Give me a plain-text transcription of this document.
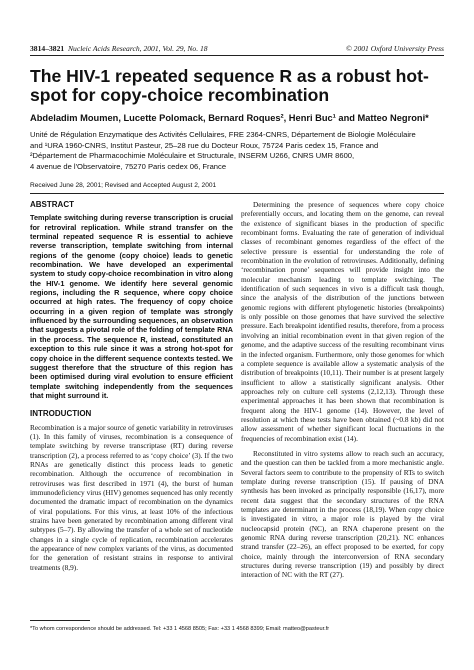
3814–3821 Nucleic Acids Research, 2001, Vol. 29, No. 18	© 2001 Oxford University Press
The HIV-1 repeated sequence R as a robust hot-spot for copy-choice recombination
Abdeladim Moumen, Lucette Polomack, Bernard Roques², Henri Buc¹ and Matteo Negroni*
Unité de Régulation Enzymatique des Activités Cellulaires, FRE 2364-CNRS, Département de Biologie Moléculaire
and ¹URA 1960-CNRS, Institut Pasteur, 25–28 rue du Docteur Roux, 75724 Paris cedex 15, France and
²Département de Pharmacochimie Moléculaire et Structurale, INSERM U266, CNRS UMR 8600,
4 avenue de l'Observatoire, 75270 Paris cedex 06, France
Received June 28, 2001; Revised and Accepted August 2, 2001
ABSTRACT

Template switching during reverse transcription is crucial for retroviral replication. While strand transfer on the terminal repeated sequence R is essential to achieve reverse transcription, template switching from internal regions of the genome (copy choice) leads to genetic recombination. We have developed an experimental system to study copy-choice recombination in vitro along the HIV-1 genome. We identify here several genomic regions, including the R sequence, where copy choice occurred at high rates. The frequency of copy choice occurring in a given region of template was strongly influenced by the surrounding sequences, an observation that suggests a pivotal role of the folding of template RNA in the process. The sequence R, instead, constituted an exception to this rule since it was a strong hot-spot for copy choice in the different sequence contexts tested. We suggest therefore that the structure of this region has been optimised during viral evolution to ensure efficient template switching independently from the sequences that might surround it.

INTRODUCTION

Recombination is a major source of genetic variability in retroviruses (1). In this family of viruses, recombination is a consequence of template switching by reverse transcriptase (RT) during reverse transcription (2), a process referred to as ‘copy choice’ (3). If the two RNAs are genetically distinct this process leads to genetic recombination. Although the occurrence of recombination in retroviruses was first described in 1971 (4), the burst of human immunodeficiency virus (HIV) genomes sequenced has only recently documented the dramatic impact of recombination on the dynamics of viral populations. For this virus, at least 10% of the infectious strains have been generated by recombination among different viral subtypes (5–7). By allowing the transfer of a whole set of nucleotide changes in a single cycle of replication, recombination accelerates the appearance of new complex variants of the virus, as documented for the generation of resistant strains in response to antiviral treatments (8,9).

Determining the presence of sequences where copy choice preferentially occurs, and locating them on the genome, can reveal the existence of significant biases in the production of specific recombinant forms. Evaluating the rate of generation of individual classes of recombinant genomes regardless of the effect of the selective pressure is essential for understanding the role of recombination in the evolution of retroviruses. Additionally, defining ‘recombination prone’ sequences will provide insight into the molecular mechanism leading to template switching. The identification of such sequences in vivo is a difficult task though, since the analysis of the distribution of the junctions between genomic regions with different phylogenetic histories (breakpoints) is only possible on those genomes that have survived the selective pressure. Each breakpoint identified results, therefore, from a process involving an initial recombination event in that given region of the genome, and the adaptive success of the resulting recombinant virus in the infected organism. Furthermore, only those genomes for which a complete sequence is available allow a systematic analysis of the distribution of breakpoints (10,11). Their number is at present largely insufficient to allow a statistically significant analysis. Other approaches rely on culture cell systems (2,12,13). Through these experimental approaches it has been shown that recombination is frequent along the HIV-1 genome (14). However, the level of resolution at which these tests have been obtained (~0.8 kb) did not allow assessment of whether significant local fluctuations in the frequencies of recombination exist (14).

Reconstituted in vitro systems allow to reach such an accuracy, and the question can then be tackled from a more mechanistic angle. Several factors seem to contribute to the propensity of RTs to switch template during reverse transcription (15). If pausing of DNA synthesis has been invoked as principally responsible (16,17), more recent data suggest that the secondary structures of the RNA templates are determinant in the process (18,19). When copy choice is investigated in vitro, a major role is played by the viral nucleocapsid protein (NC), an RNA chaperone present on the genomic RNA during reverse transcription (20,21). NC enhances strand transfer (22–26), an effect proposed to be exerted, for copy choice, mainly through the interconversion of RNA secondary structures during reverse transcription (19) and possibly by direct interaction of NC with the RT (27).

*To whom correspondence should be addressed. Tel: +33 1 4568 8505; Fax: +33 1 4568 8399; Email: matteo@pasteur.fr
